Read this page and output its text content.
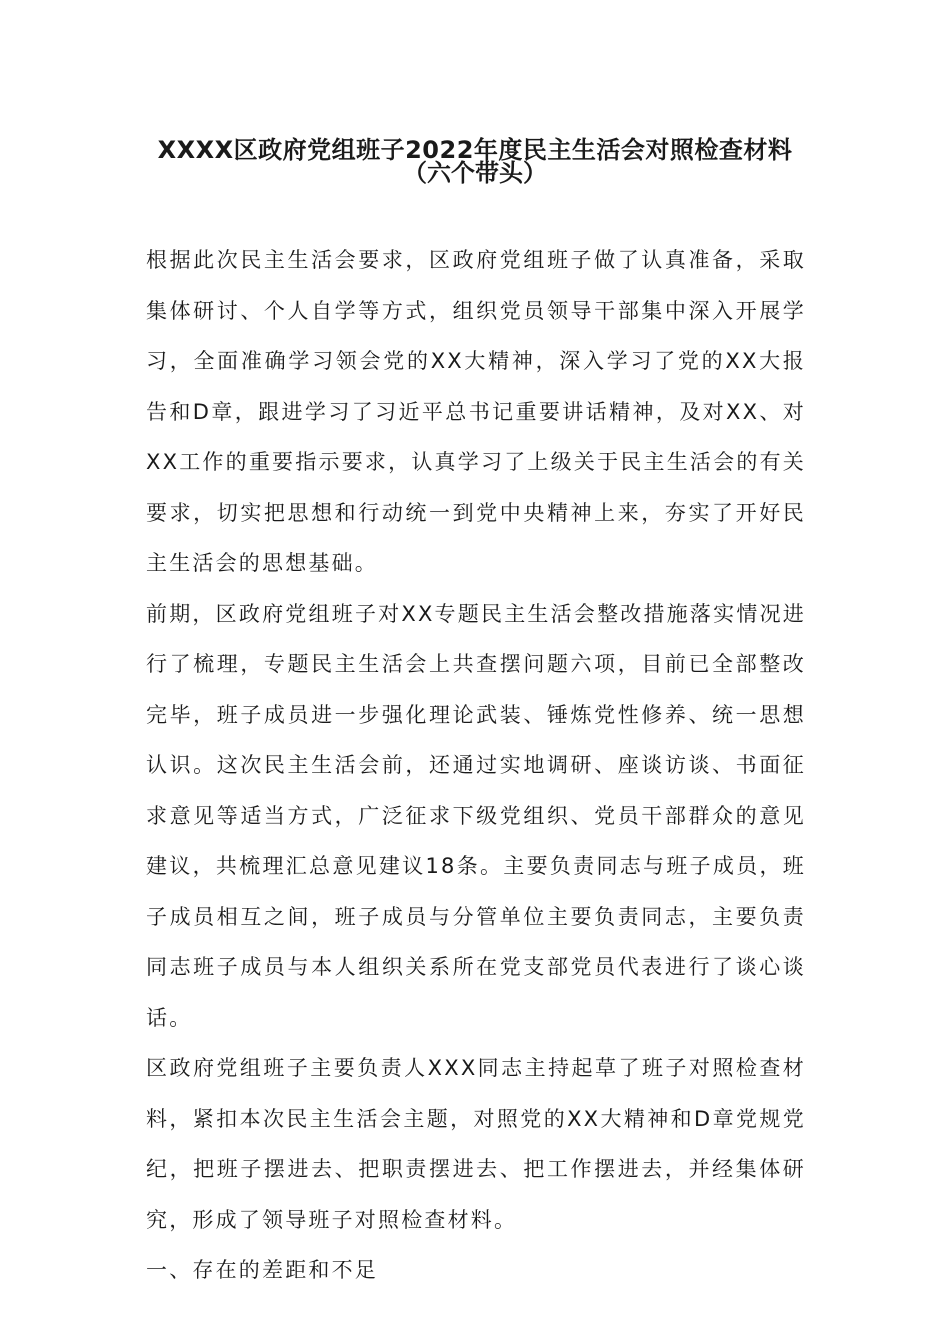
XXXX区政府党组班子2022年度民主生活会对照检查材料
（六个带头）

根据此次民主生活会要求，区政府党组班子做了认真准备，采取集体研讨、个人自学等方式，组织党员领导干部集中深入开展学习，全面准确学习领会党的XX大精神，深入学习了党的XX大报告和D章，跟进学习了习近平总书记重要讲话精神，及对XX、对XX工作的重要指示要求，认真学习了上级关于民主生活会的有关要求，切实把思想和行动统一到党中央精神上来，夯实了开好民主生活会的思想基础。

前期，区政府党组班子对XX专题民主生活会整改措施落实情况进行了梳理，专题民主生活会上共查摆问题六项，目前已全部整改完毕，班子成员进一步强化理论武装、锤炼党性修养、统一思想认识。这次民主生活会前，还通过实地调研、座谈访谈、书面征求意见等适当方式，广泛征求下级党组织、党员干部群众的意见建议，共梳理汇总意见建议18条。主要负责同志与班子成员，班子成员相互之间，班子成员与分管单位主要负责同志，主要负责同志班子成员与本人组织关系所在党支部党员代表进行了谈心谈话。

区政府党组班子主要负责人XXX同志主持起草了班子对照检查材料，紧扣本次民主生活会主题，对照党的XX大精神和D章党规党纪，把班子摆进去、把职责摆进去、把工作摆进去，并经集体研究，形成了领导班子对照检查材料。

一、存在的差距和不足
